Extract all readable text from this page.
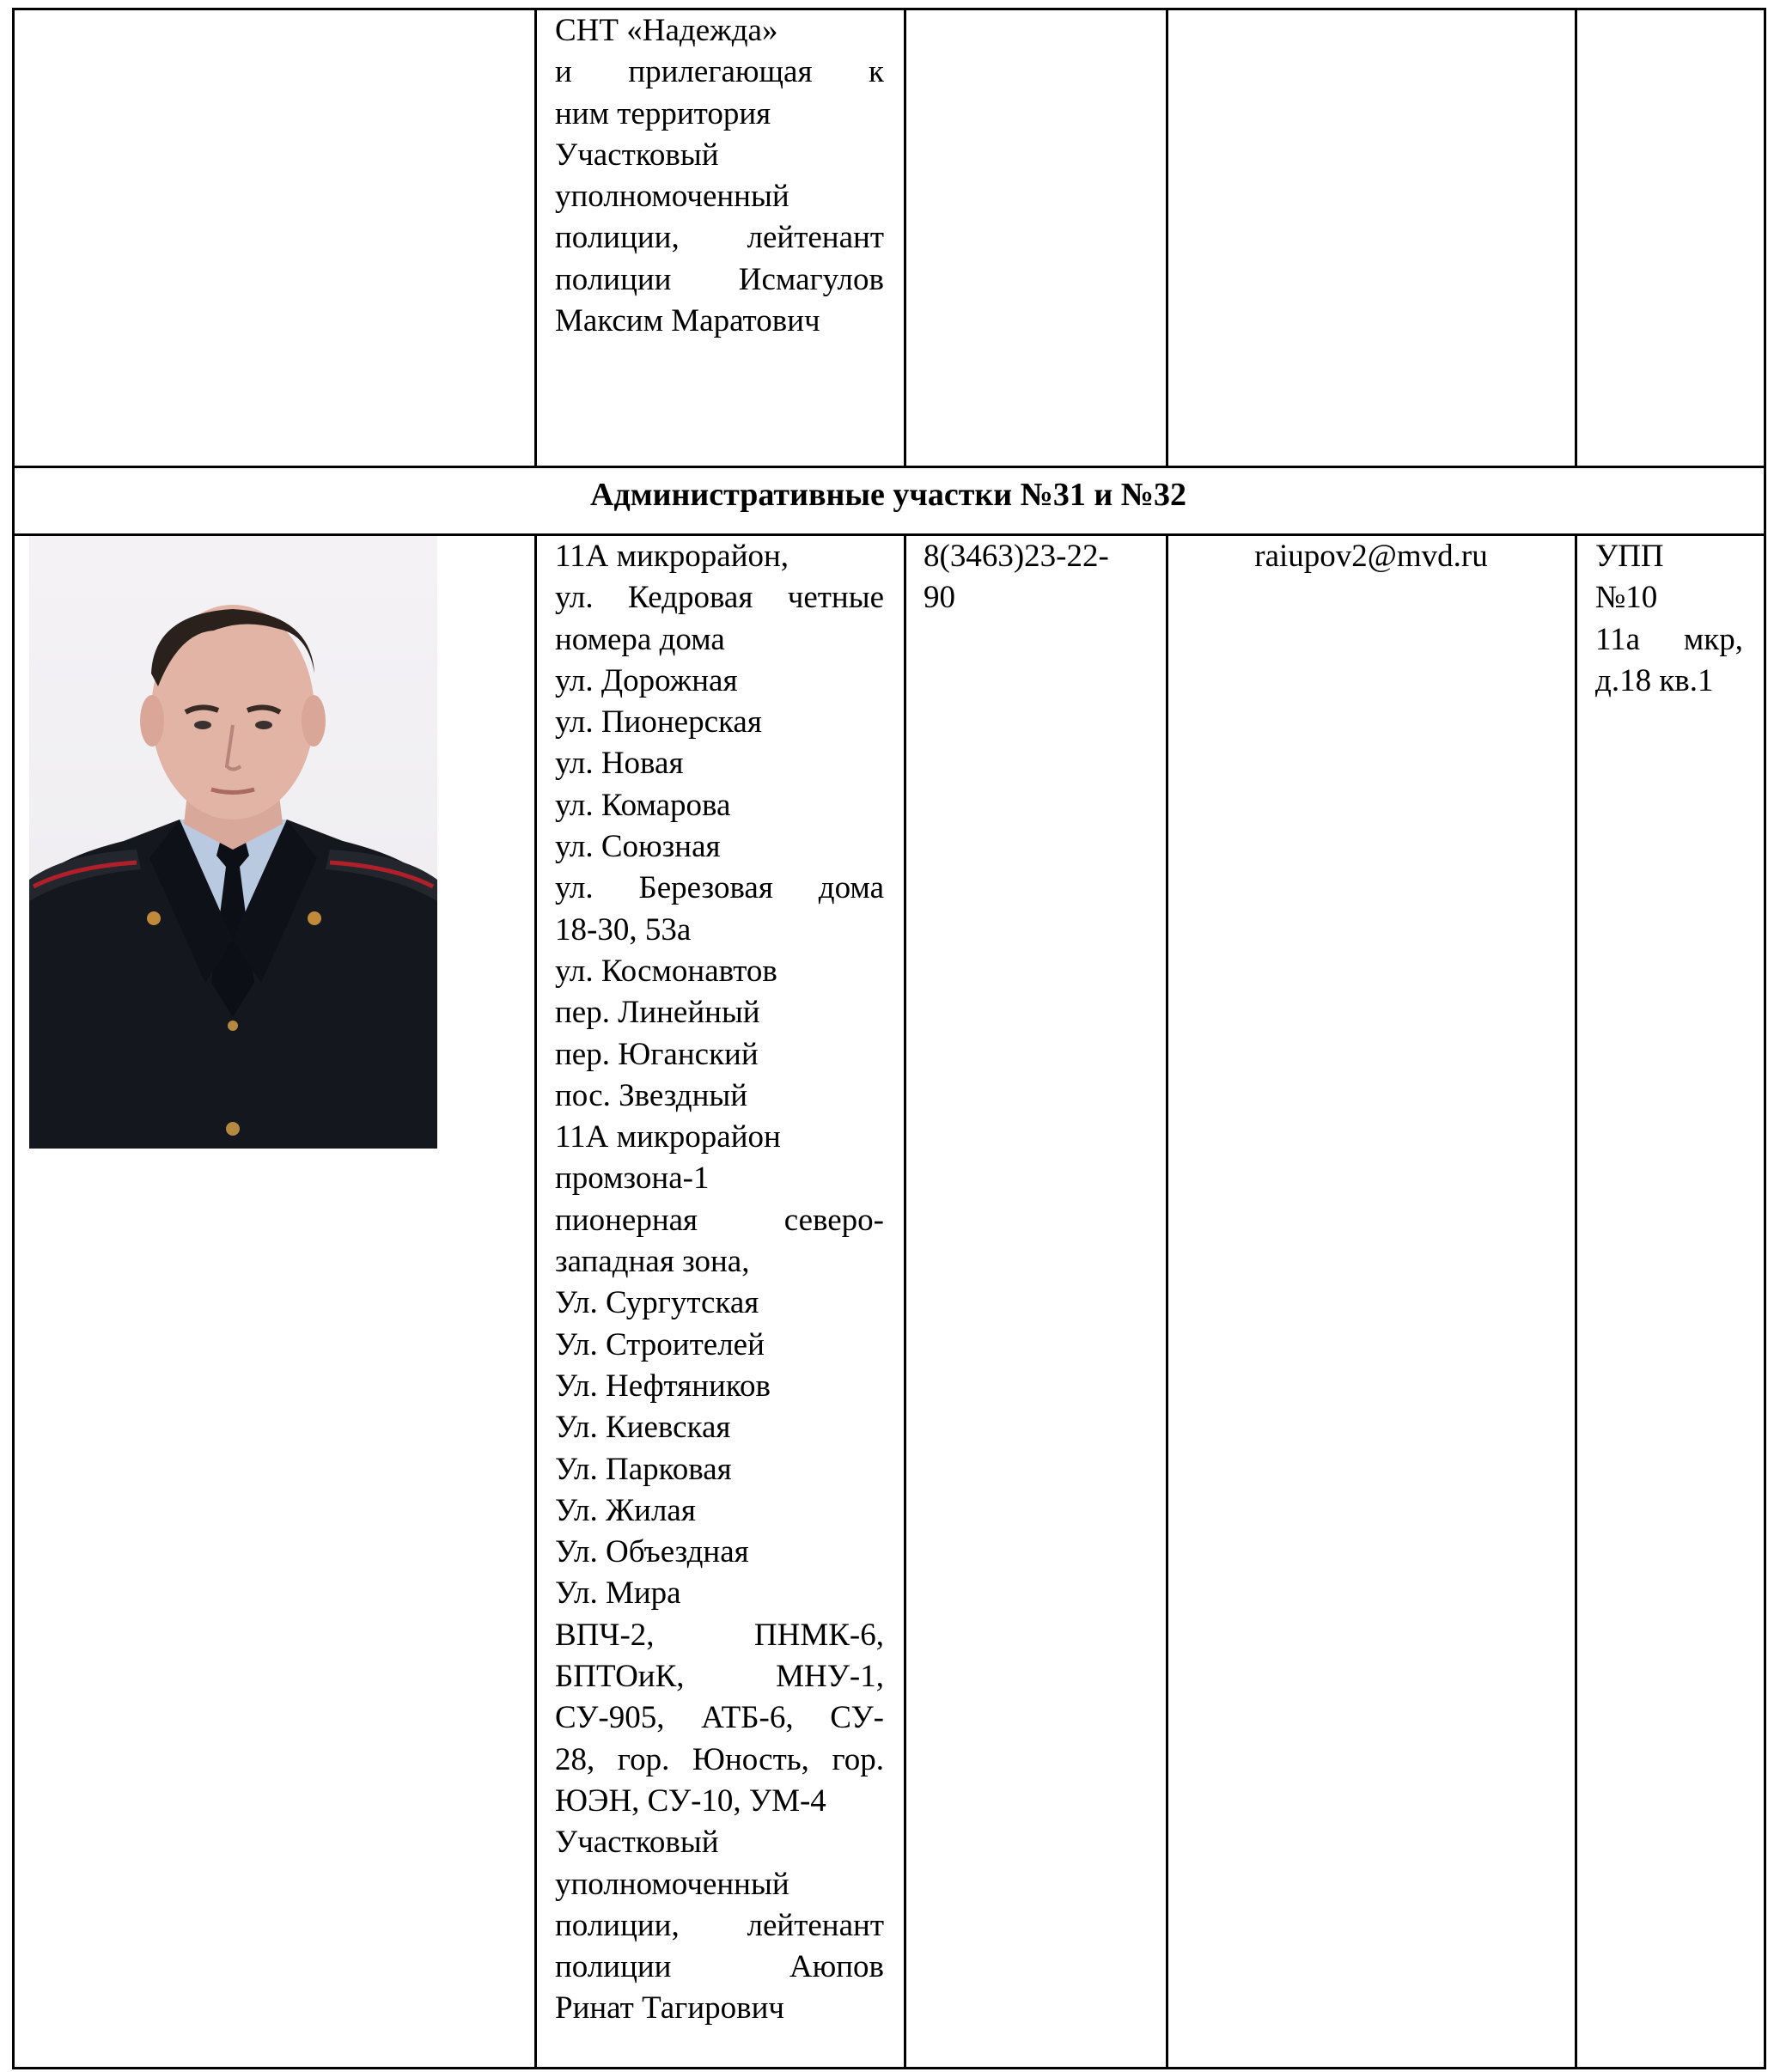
СНТ «Надежда»
и прилегающая к
ним территория
Участковый
уполномоченный
полиции, лейтенант
полиции Исмагулов
Максим Маратович
Административные участки №31 и №32
11А микрорайон,
ул. Кедровая четные
номера дома
ул. Дорожная
ул. Пионерская
ул. Новая
ул. Комарова
ул. Союзная
ул. Березовая дома
18-30, 53а
ул. Космонавтов
пер. Линейный
пер. Юганский
пос. Звездный
11А микрорайон
промзона-1
пионерная северо-
западная зона,
Ул. Сургутская
Ул. Строителей
Ул. Нефтяников
Ул. Киевская
Ул. Парковая
Ул. Жилая
Ул. Объездная
Ул. Мира
ВПЧ-2, ПНМК-6,
БПТОиК, МНУ-1,
СУ-905, АТБ-6, СУ-
28, гор. Юность, гор.
ЮЭН, СУ-10, УМ-4
Участковый
уполномоченный
полиции, лейтенант
полиции Аюпов
Ринат Тагирович
8(3463)23-22-
90
raiupov2@mvd.ru	УПП
№10
11а мкр,
д.18 кв.1
